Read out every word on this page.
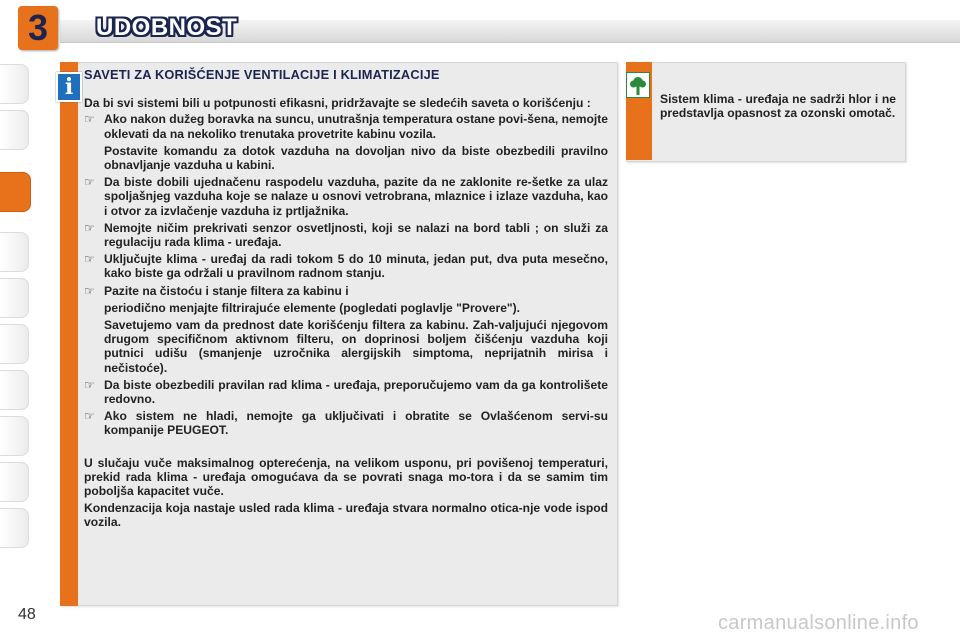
3	UDOBNOST
i SAVETI ZA KORIŠĆENJE VENTILACIJE I KLIMATIZACIJE

Da bi svi sistemi bili u potpunosti efikasni, pridržavajte se sledećih saveta o korišćenju :

☞ Ako nakon dužeg boravka na suncu, unutrašnja temperatura ostane povi-šena, nemojte oklevati da na nekoliko trenutaka provetrite kabinu vozila.

Postavite komandu za dotok vazduha na dovoljan nivo da biste obezbedili pravilno obnavljanje vazduha u kabini.

☞ Da biste dobili ujednačenu raspodelu vazduha, pazite da ne zaklonite re-šetke za ulaz spoljašnjeg vazduha koje se nalaze u osnovi vetrobrana, mlaznice i izlaze vazduha, kao i otvor za izvlačenje vazduha iz prtljažnika.

☞ Nemojte ničim prekrivati senzor osvetljnosti, koji se nalazi na bord tabli ; on služi za regulaciju rada klima - uređaja.

☞ Uključujte klima - uređaj da radi tokom 5 do 10 minuta, jedan put, dva puta mesečno, kako biste ga održali u pravilnom radnom stanju.

☞ Pazite na čistoću i stanje filtera za kabinu i

periodično menjajte filtrirajuće elemente (pogledati poglavlje "Provere").

Savetujemo vam da prednost date korišćenju filtera za kabinu. Zah-valjujući njegovom drugom specifičnom aktivnom filteru, on doprinosi boljem čišćenju vazduha koji putnici udišu (smanjenje uzročnika alergijskih simptoma, neprijatnih mirisa i nečistoće).

☞ Da biste obezbedili pravilan rad klima - uređaja, preporučujemo vam da ga kontrolišete redovno.

☞ Ako sistem ne hladi, nemojte ga uključivati i obratite se Ovlašćenom servi-su kompanije PEUGEOT.

U slučaju vuče maksimalnog opterećenja, na velikom usponu, pri povišenoj temperaturi, prekid rada klima - uređaja omogućava da se povrati snaga mo-tora i da se samim tim poboljša kapacitet vuče.

Kondenzacija koja nastaje usled rada klima - uređaja stvara normalno otica-nje vode ispod vozila.

Sistem klima - uređaja ne sadrži hlor i ne predstavlja opasnost za ozonski omotač.
48	carmanualsonline.info
